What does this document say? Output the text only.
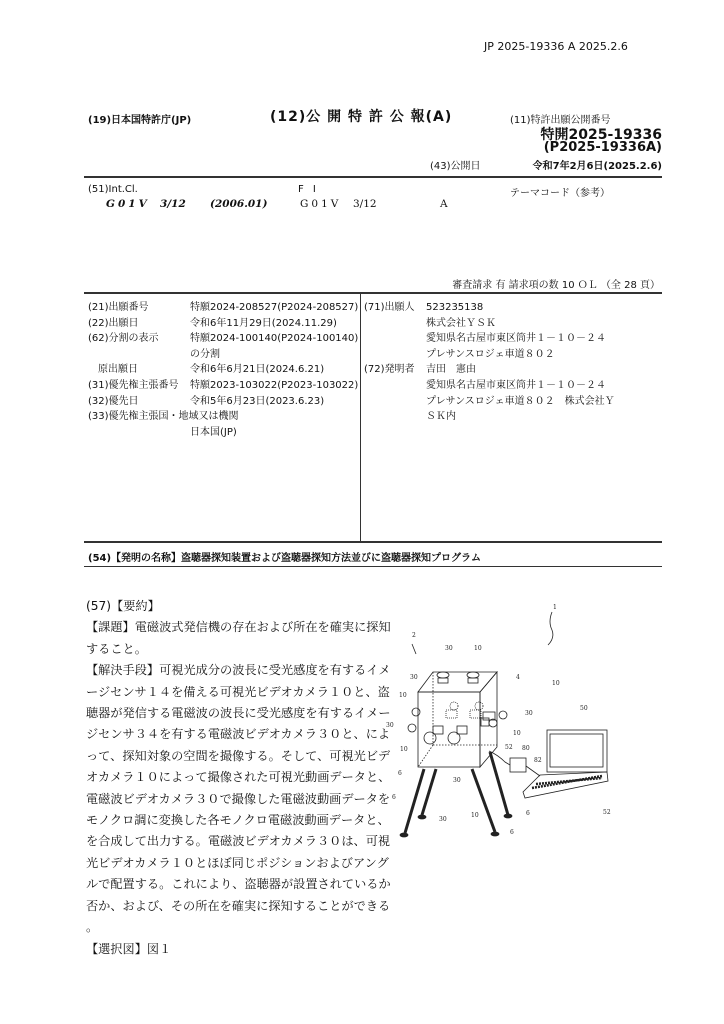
JP 2025-19336 A 2025.2.6
(19)日本国特許庁(JP)	(12)公 開 特 許 公 報(A)	(11)特許出願公開番号
特開2025-19336
(P2025-19336A)
(43)公開日	令和7年2月6日(2025.2.6)
(51)Int.Cl.
G01V 3/12 (2006.01)
F I
G01V 3/12	A
テーマコード（参考）
審査請求 有 請求項の数 10 ＯＬ （全 28 頁）
(21)出願番号	特願2024-208527(P2024-208527)
(22)出願日	令和6年11月29日(2024.11.29)
(62)分割の表示	特願2024-100140(P2024-100140)
の分割
　原出願日	令和6年6月21日(2024.6.21)
(31)優先権主張番号 特願2023-103022(P2023-103022)
(32)優先日	令和5年6月23日(2023.6.23)
(33)優先権主張国・地域又は機関
日本国(JP)
(71)出願人 523235138
株式会社ＹＳＫ
愛知県名古屋市東区筒井１－１０－２４
プレサンスロジェ車道８０２
(72)発明者 吉田　憲由
愛知県名古屋市東区筒井１－１０－２４
プレサンスロジェ車道８０２　株式会社Ｙ
ＳＫ内
(54)【発明の名称】盗聴器探知装置および盗聴器探知方法並びに盗聴器探知プログラム
(57)【要約】
【課題】電磁波式発信機の存在および所在を確実に探知
すること。
【解決手段】可視光成分の波長に受光感度を有するイメ
ージセンサ１４を備える可視光ビデオカメラ１０と、盗
聴器が発信する電磁波の波長に受光感度を有するイメー
ジセンサ３４を有する電磁波ビデオカメラ３０と、によ
って、探知対象の空間を撮像する。そして、可視光ビデ
オカメラ１０によって撮像された可視光動画データと、
電磁波ビデオカメラ３０で撮像した電磁波動画データを
モノクロ調に変換した各モノクロ電磁波動画データと、
を合成して出力する。電磁波ビデオカメラ３０は、可視
光ビデオカメラ１０とほぼ同じポジションおよびアング
ルで配置する。これにより、盗聴器が設置されているか
否か、および、その所在を確実に探知することができる
。
【選択図】図１
1
2
30	10
30	4
10
10
30
30
50
10
10	52 80
82
30
6
6
30
10	6	52
6
